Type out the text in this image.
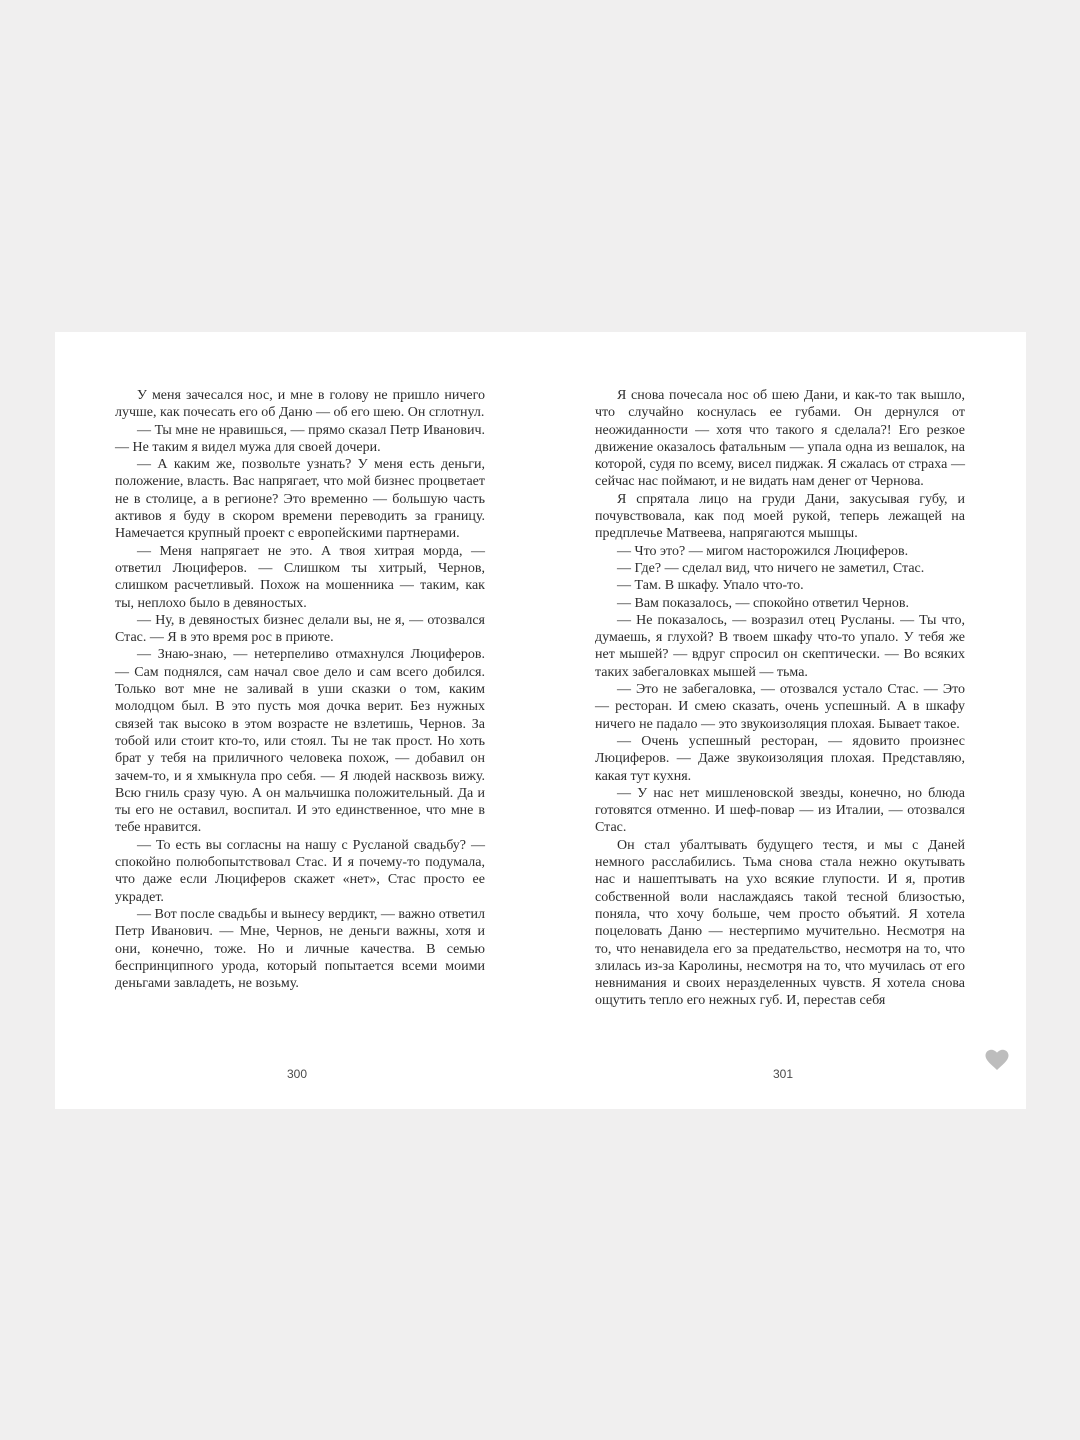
У меня зачесался нос, и мне в голову не пришло ничего лучше, как почесать его об Даню — об его шею. Он сглотнул.

— Ты мне не нравишься, — прямо сказал Петр Иванович. — Не таким я видел мужа для своей дочери.

— А каким же, позвольте узнать? У меня есть деньги, положение, власть. Вас напрягает, что мой бизнес процветает не в столице, а в регионе? Это временно — большую часть активов я буду в скором времени переводить за границу. Намечается крупный проект с европейскими партнерами.

— Меня напрягает не это. А твоя хитрая морда, — ответил Люциферов. — Слишком ты хитрый, Чернов, слишком расчетливый. Похож на мошенника — таким, как ты, неплохо было в девяностых.

— Ну, в девяностых бизнес делали вы, не я, — отозвался Стас. — Я в это время рос в приюте.

— Знаю-знаю, — нетерпеливо отмахнулся Люциферов. — Сам поднялся, сам начал свое дело и сам всего добился. Только вот мне не заливай в уши сказки о том, каким молодцом был. В это пусть моя дочка верит. Без нужных связей так высоко в этом возрасте не взлетишь, Чернов. За тобой или стоит кто-то, или стоял. Ты не так прост. Но хоть брат у тебя на приличного человека похож, — добавил он зачем-то, и я хмыкнула про себя. — Я людей насквозь вижу. Всю гниль сразу чую. А он мальчишка положительный. Да и ты его не оставил, воспитал. И это единственное, что мне в тебе нравится.

— То есть вы согласны на нашу с Русланой свадьбу? — спокойно полюбопытствовал Стас. И я почему-то подумала, что даже если Люциферов скажет «нет», Стас просто ее украдет.

— Вот после свадьбы и вынесу вердикт, — важно ответил Петр Иванович. — Мне, Чернов, не деньги важны, хотя и они, конечно, тоже. Но и личные качества. В семью беспринципного урода, который попытается всеми моими деньгами завладеть, не возьму.

Я снова почесала нос об шею Дани, и как-то так вышло, что случайно коснулась ее губами. Он дернулся от неожиданности — хотя что такого я сделала?! Его резкое движение оказалось фатальным — упала одна из вешалок, на которой, судя по всему, висел пиджак. Я сжалась от страха — сейчас нас поймают, и не видать нам денег от Чернова.

Я спрятала лицо на груди Дани, закусывая губу, и почувствовала, как под моей рукой, теперь лежащей на предплечье Матвеева, напрягаются мышцы.

— Что это? — мигом насторожился Люциферов.

— Где? — сделал вид, что ничего не заметил, Стас.

— Там. В шкафу. Упало что-то.

— Вам показалось, — спокойно ответил Чернов.

— Не показалось, — возразил отец Русланы. — Ты что, думаешь, я глухой? В твоем шкафу что-то упало. У тебя же нет мышей? — вдруг спросил он скептически. — Во всяких таких забегаловках мышей — тьма.

— Это не забегаловка, — отозвался устало Стас. — Это — ресторан. И смею сказать, очень успешный. А в шкафу ничего не падало — это звукоизоляция плохая. Бывает такое.

— Очень успешный ресторан, — ядовито произнес Люциферов. — Даже звукоизоляция плохая. Представляю, какая тут кухня.

— У нас нет мишленовской звезды, конечно, но блюда готовятся отменно. И шеф-повар — из Италии, — отозвался Стас.

Он стал убалтывать будущего тестя, и мы с Даней немного расслабились. Тьма снова стала нежно окутывать нас и нашептывать на ухо всякие глупости. И я, против собственной воли наслаждаясь такой тесной близостью, поняла, что хочу больше, чем просто объятий. Я хотела поцеловать Даню — нестерпимо мучительно. Несмотря на то, что ненавидела его за предательство, несмотря на то, что злилась из-за Каролины, несмотря на то, что мучилась от его невнимания и своих неразделенных чувств. Я хотела снова ощутить тепло его нежных губ. И, перестав себя

300	301
